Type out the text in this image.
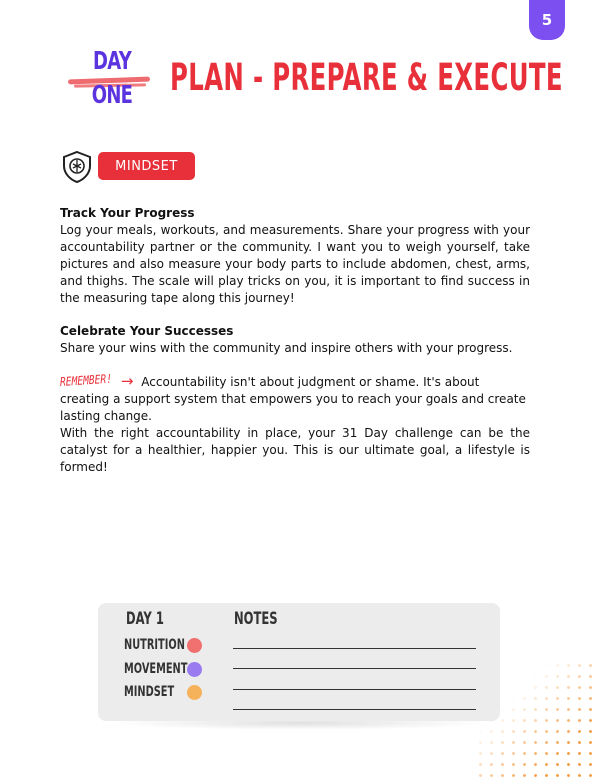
5
DAY
ONE PLAN - PREPARE & EXECUTE
MINDSET
Track Your Progress

Log your meals, workouts, and measurements. Share your progress with your accountability partner or the community. I want you to weigh yourself, take pictures and also measure your body parts to include abdomen, chest, arms, and thighs. The scale will play tricks on you, it is important to find success in the measuring tape along this journey!

Celebrate Your Successes

Share your wins with the community and inspire others with your progress.

REMEMBER! → Accountability isn't about judgment or shame. It's about creating a support system that empowers you to reach your goals and create lasting change.

With the right accountability in place, your 31 Day challenge can be the catalyst for a healthier, happier you. This is our ultimate goal, a lifestyle is formed!

DAY 1	NOTES
NUTRITION
MOVEMENT
MINDSET
